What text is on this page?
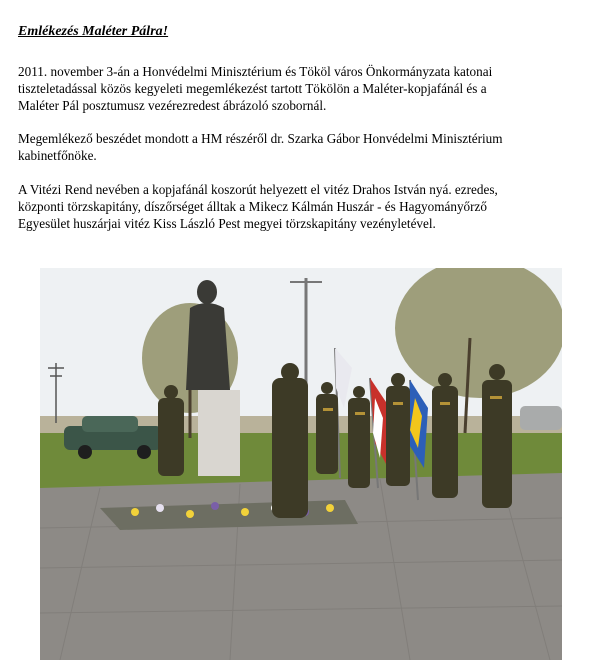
Emlékezés Maléter Pálra!
2011. november 3-án a Honvédelmi Minisztérium és Tököl város Önkormányzata katonai
tiszteletadással közös kegyeleti megemlékezést tartott Tökölön a Maléter-kopjafánál és a
Maléter Pál posztumusz vezérezredest ábrázoló szobornál.
Megemlékező beszédet mondott a HM részéről dr. Szarka Gábor Honvédelmi Minisztérium
kabinetfőnöke.
A Vitézi Rend nevében a kopjafánál koszorút helyezett el vitéz Drahos István nyá. ezredes,
központi törzskapitány, díszőrséget álltak a Mikecz Kálmán Huszár - és Hagyományőrző
Egyesület huszárjai vitéz Kiss László Pest megyei törzskapitány vezényletével.
